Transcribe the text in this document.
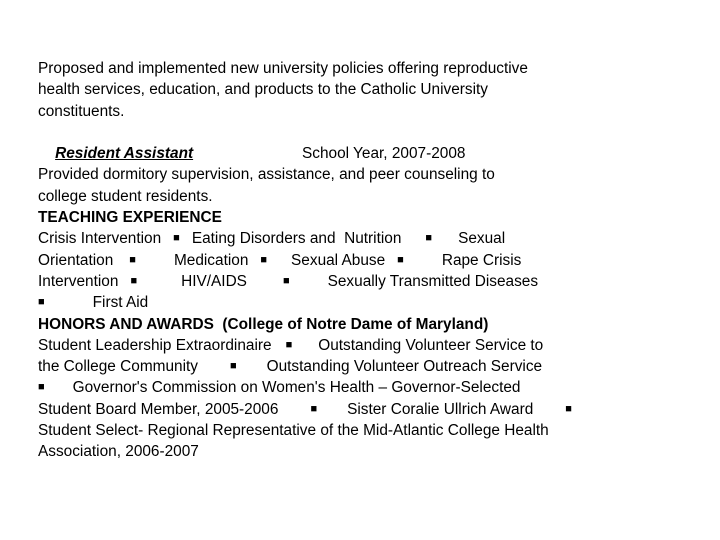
Proposed and implemented new university policies offering reproductive
health services, education, and products to the Catholic University
constituents.

Resident Assistant
	School Year, 2007-2008
Provided dormitory supervision, assistance, and peer counseling to
college student residents.
TEACHING EXPERIENCE
Crisis Intervention ■ Eating Disorders and  Nutrition ■ Sexual
Orientation ■ Medication ■ Sexual Abuse ■ Rape Crisis
Intervention ■	HIV/AIDS	■ Sexually Transmitted Diseases
■	First Aid
HONORS AND AWARDS  (College of Notre Dame of Maryland)
Student Leadership Extraordinaire ■ Outstanding Volunteer Service to
the College Community	■ Outstanding Volunteer Outreach Service
■ Governor's Commission on Women's Health – Governor-Selected
Student Board Member, 2005-2006	■ Sister Coralie Ullrich Award	■
Student Select- Regional Representative of the Mid-Atlantic College Health
Association, 2006-2007
